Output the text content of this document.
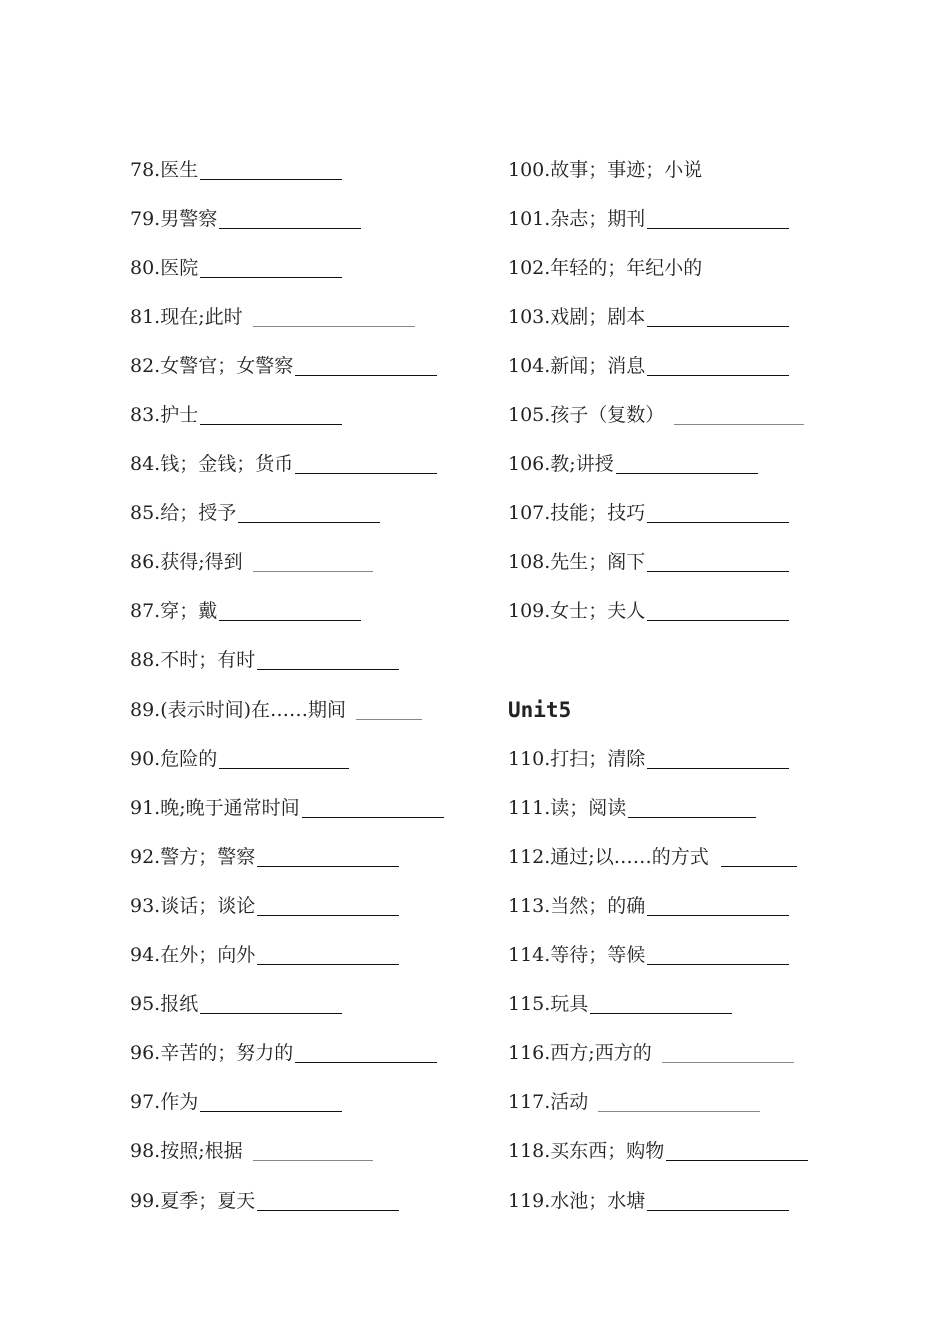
78.医生
79.男警察
80.医院
81.现在;此时
82.女警官；女警察
83.护士
84.钱；金钱；货币
85.给；授予
86.获得;得到
87.穿；戴
88.不时；有时
89.(表示时间)在……期间
90.危险的
91.晚;晚于通常时间
92.警方；警察
93.谈话；谈论
94.在外；向外
95.报纸
96.辛苦的；努力的
97.作为
98.按照;根据
99.夏季；夏天
100.故事；事迹；小说
101.杂志；期刊
102.年轻的；年纪小的
103.戏剧；剧本
104.新闻；消息
105.孩子（复数）
106.教;讲授
107.技能；技巧
108.先生；阁下
109.女士；夫人
Unit5
110.打扫；清除
111.读；阅读
112.通过;以……的方式
113.当然；的确
114.等待；等候
115.玩具
116.西方;西方的
117.活动
118.买东西；购物
119.水池；水塘
